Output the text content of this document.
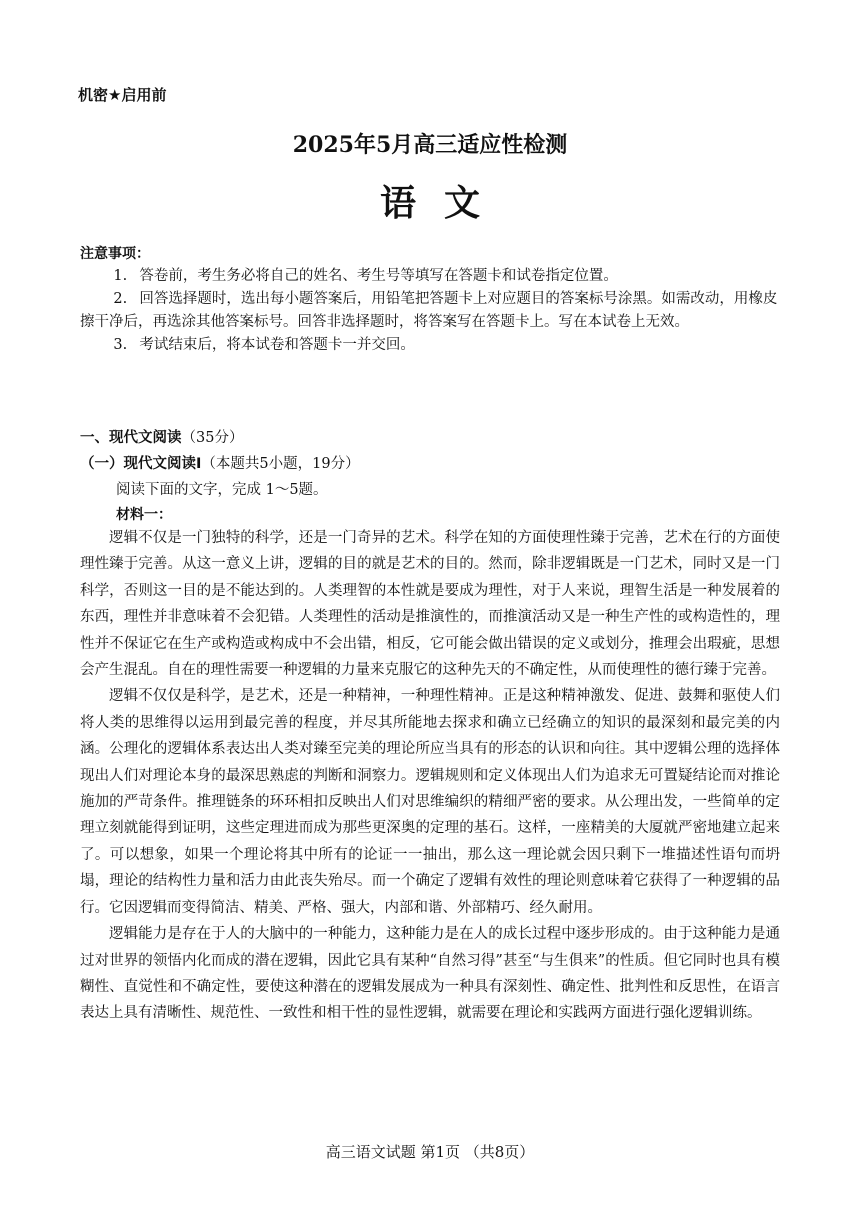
机密★启用前
2025年5月高三适应性检测
语文
注意事项：

1. 答卷前，考生务必将自己的姓名、考生号等填写在答题卡和试卷指定位置。

2. 回答选择题时，选出每小题答案后，用铅笔把答题卡上对应题目的答案标号涂黑。如需改动，用橡皮擦干净后，再选涂其他答案标号。回答非选择题时，将答案写在答题卡上。写在本试卷上无效。

3. 考试结束后，将本试卷和答题卡一并交回。

一、现代文阅读（35分）
（一）现代文阅读Ⅰ（本题共5小题，19分）
阅读下面的文字，完成 1～5题。
材料一：

逻辑不仅是一门独特的科学，还是一门奇异的艺术。科学在知的方面使理性臻于完善，艺术在行的方面使理性臻于完善。从这一意义上讲，逻辑的目的就是艺术的目的。然而，除非逻辑既是一门艺术，同时又是一门科学，否则这一目的是不能达到的。人类理智的本性就是要成为理性，对于人来说，理智生活是一种发展着的东西，理性并非意味着不会犯错。人类理性的活动是推演性的，而推演活动又是一种生产性的或构造性的，理性并不保证它在生产或构造或构成中不会出错，相反，它可能会做出错误的定义或划分，推理会出瑕疵，思想会产生混乱。自在的理性需要一种逻辑的力量来克服它的这种先天的不确定性，从而使理性的德行臻于完善。

逻辑不仅仅是科学，是艺术，还是一种精神，一种理性精神。正是这种精神激发、促进、鼓舞和驱使人们将人类的思维得以运用到最完善的程度，并尽其所能地去探求和确立已经确立的知识的最深刻和最完美的内涵。公理化的逻辑体系表达出人类对臻至完美的理论所应当具有的形态的认识和向往。其中逻辑公理的选择体现出人们对理论本身的最深思熟虑的判断和洞察力。逻辑规则和定义体现出人们为追求无可置疑结论而对推论施加的严苛条件。推理链条的环环相扣反映出人们对思维编织的精细严密的要求。从公理出发，一些简单的定理立刻就能得到证明，这些定理进而成为那些更深奥的定理的基石。这样，一座精美的大厦就严密地建立起来了。可以想象，如果一个理论将其中所有的论证一一抽出，那么这一理论就会因只剩下一堆描述性语句而坍塌，理论的结构性力量和活力由此丧失殆尽。而一个确定了逻辑有效性的理论则意味着它获得了一种逻辑的品行。它因逻辑而变得简洁、精美、严格、强大，内部和谐、外部精巧、经久耐用。

逻辑能力是存在于人的大脑中的一种能力，这种能力是在人的成长过程中逐步形成的。由于这种能力是通过对世界的领悟内化而成的潜在逻辑，因此它具有某种“自然习得”甚至“与生俱来”的性质。但它同时也具有模糊性、直觉性和不确定性，要使这种潜在的逻辑发展成为一种具有深刻性、确定性、批判性和反思性，在语言表达上具有清晰性、规范性、一致性和相干性的显性逻辑，就需要在理论和实践两方面进行强化逻辑训练。

高三语文试题 第1页 （共8页）
